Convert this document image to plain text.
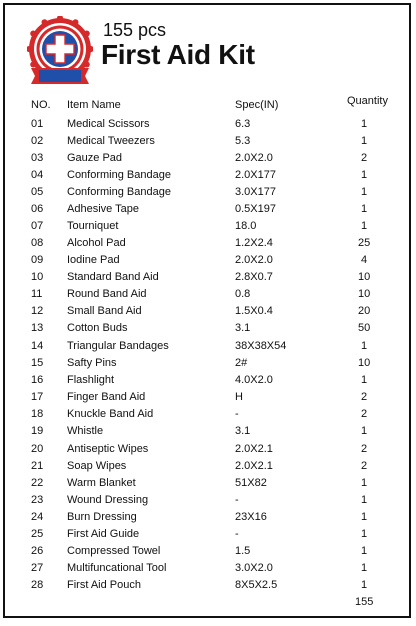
155 pcs
First Aid Kit
NO. Item Name	Spec(IN)	Quantity
01 Medical Scissors	6.3	1
02 Medical Tweezers	5.3	1
03 Gauze Pad	2.0X2.0	2
04 Conforming Bandage	2.0X177	1
05 Conforming Bandage	3.0X177	1
06 Adhesive Tape	0.5X197	1
07 Tourniquet	18.0	1
08 Alcohol Pad	1.2X2.4	25
09 Iodine Pad	2.0X2.0	4
10 Standard Band Aid	2.8X0.7	10
11 Round Band Aid	0.8	10
12 Small Band Aid	1.5X0.4	20
13 Cotton Buds	3.1	50
14 Triangular Bandages	38X38X54	1
15 Safty Pins	2#	10
16 Flashlight	4.0X2.0	1
17 Finger Band Aid	H	2
18 Knuckle Band Aid	-	2
19 Whistle	3.1	1
20 Antiseptic Wipes	2.0X2.1	2
21 Soap Wipes	2.0X2.1	2
22 Warm Blanket	51X82	1
23 Wound Dressing	-	1
24 Burn Dressing	23X16	1
25 First Aid Guide	-	1
26 Compressed Towel	1.5	1
27 Multifuncational Tool	3.0X2.0	1
28 First Aid Pouch	8X5X2.5	1
155
